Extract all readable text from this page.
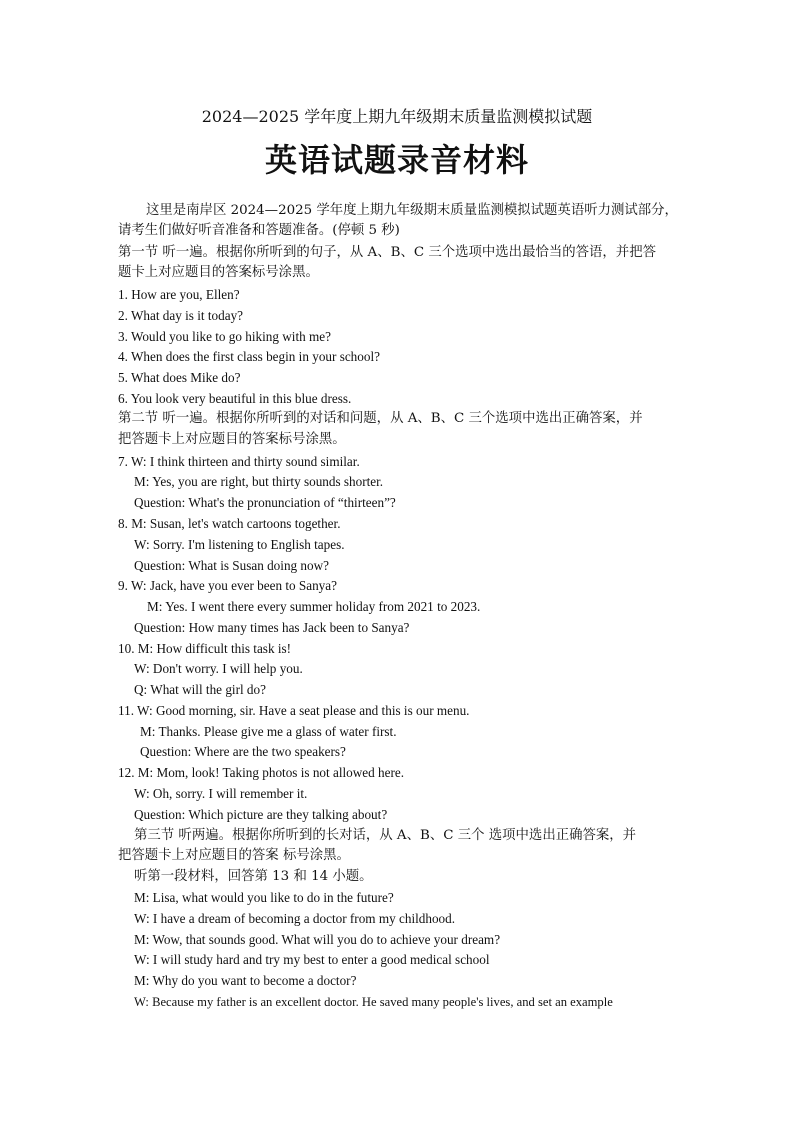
2024—2025 学年度上期九年级期末质量监测模拟试题
英语试题录音材料
这里是南岸区 2024—2025 学年度上期九年级期末质量监测模拟试题英语听力测试部分，
请考生们做好听音准备和答题准备。(停顿 5 秒)
第一节 听一遍。根据你所听到的句子，从 A、B、C 三个选项中选出最恰当的答语，并把答
题卡上对应题目的答案标号涂黑。
1. How are you, Ellen?
2. What day is it today?
3. Would you like to go hiking with me?
4. When does the first class begin in your school?
5. What does Mike do?
6. You look very beautiful in this blue dress.
第二节 听一遍。根据你所听到的对话和问题，从 A、B、C 三个选项中选出正确答案，并
把答题卡上对应题目的答案标号涂黑。
7. W: I think thirteen and thirty sound similar.
M: Yes, you are right, but thirty sounds shorter.
Question: What's the pronunciation of “thirteen”?
8. M: Susan, let's watch cartoons together.
W: Sorry. I'm listening to English tapes.
Question: What is Susan doing now?
9. W: Jack, have you ever been to Sanya?
M: Yes. I went there every summer holiday from 2021 to 2023.
Question: How many times has Jack been to Sanya?
10. M: How difficult this task is!
W: Don't worry. I will help you.
Q: What will the girl do?
11. W: Good morning, sir. Have a seat please and this is our menu.
M: Thanks. Please give me a glass of water first.
Question: Where are the two speakers?
12. M: Mom, look! Taking photos is not allowed here.
W: Oh, sorry. I will remember it.
Question: Which picture are they talking about?
第三节 听两遍。根据你所听到的长对话，从 A、B、C 三个 选项中选出正确答案，并
把答题卡上对应题目的答案 标号涂黑。
听第一段材料，回答第 13 和 14 小题。
M: Lisa, what would you like to do in the future?
W: I have a dream of becoming a doctor from my childhood.
M: Wow, that sounds good. What will you do to achieve your dream?
W: I will study hard and try my best to enter a good medical school
M: Why do you want to become a doctor?
W: Because my father is an excellent doctor. He saved many people's lives, and set an example
